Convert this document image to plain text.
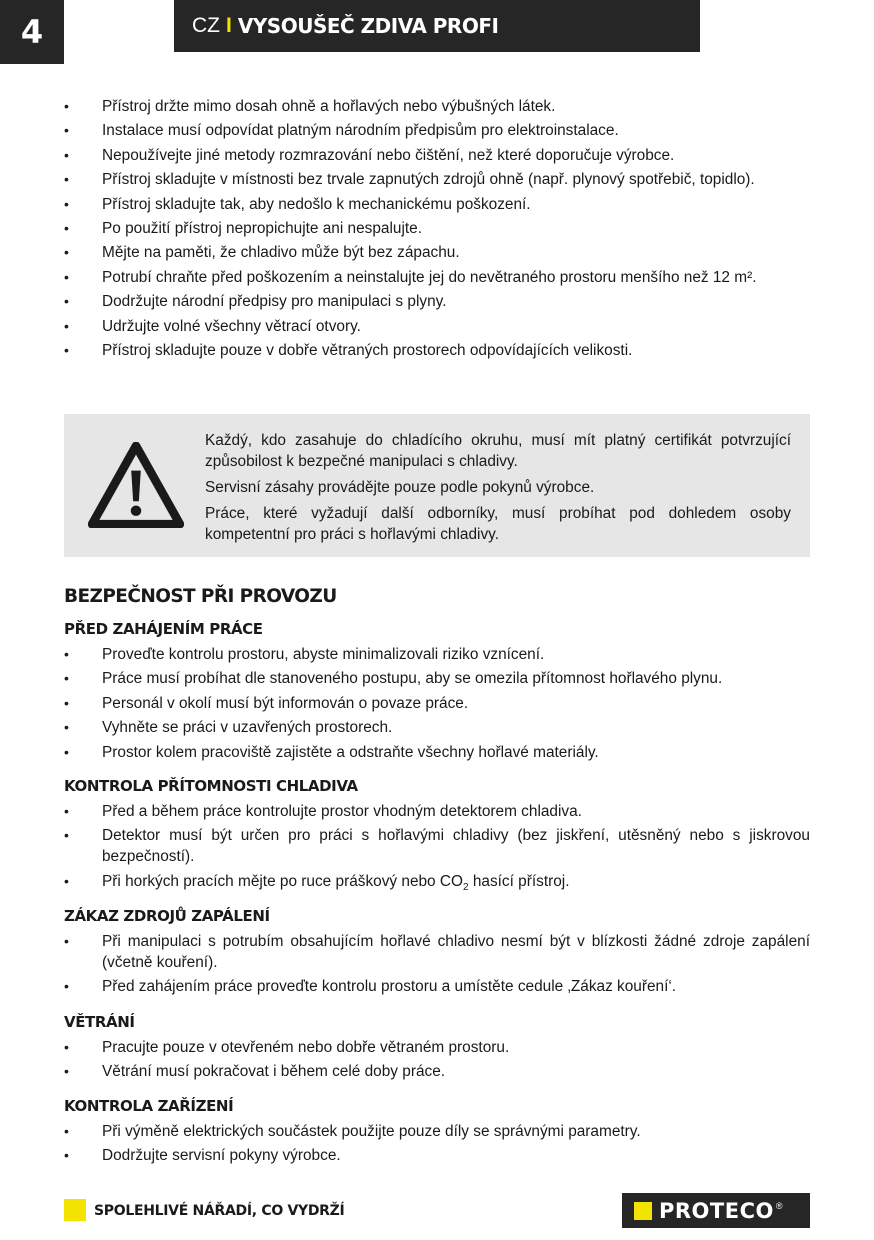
4	CZ I VYSOUŠEČ ZDIVA PROFI
• Přístroj držte mimo dosah ohně a hořlavých nebo výbušných látek.
• Instalace musí odpovídat platným národním předpisům pro elektroinstalace.
• Nepoužívejte jiné metody rozmrazování nebo čištění, než které doporučuje výrobce.
• Přístroj skladujte v místnosti bez trvale zapnutých zdrojů ohně (např. plynový spotřebič, topidlo).
• Přístroj skladujte tak, aby nedošlo k mechanickému poškození.
• Po použití přístroj nepropichujte ani nespalujte.
• Mějte na paměti, že chladivo může být bez zápachu.
• Potrubí chraňte před poškozením a neinstalujte jej do nevětraného prostoru menšího než 12 m².
• Dodržujte národní předpisy pro manipulaci s plyny.
• Udržujte volné všechny větrací otvory.
• Přístroj skladujte pouze v dobře větraných prostorech odpovídajících velikosti.

Každý, kdo zasahuje do chladícího okruhu, musí mít platný certifikát potvrzující způsobilost k bezpečné manipulaci s chladivy.

Servisní zásahy provádějte pouze podle pokynů výrobce.

Práce, které vyžadují další odborníky, musí probíhat pod dohledem osoby kompetentní pro práci s hořlavými chladivy.

BEZPEČNOST PŘI PROVOZU
PŘED ZAHÁJENÍM PRÁCE
• Proveďte kontrolu prostoru, abyste minimalizovali riziko vznícení.
• Práce musí probíhat dle stanoveného postupu, aby se omezila přítomnost hořlavého plynu.
• Personál v okolí musí být informován o povaze práce.
• Vyhněte se práci v uzavřených prostorech.
• Prostor kolem pracoviště zajistěte a odstraňte všechny hořlavé materiály.
KONTROLA PŘÍTOMNOSTI CHLADIVA
• Před a během práce kontrolujte prostor vhodným detektorem chladiva.
• Detektor musí být určen pro práci s hořlavými chladivy (bez jiskření, utěsněný nebo s jiskrovou bezpečností).
• Při horkých pracích mějte po ruce práškový nebo $CO_2$ hasící přístroj.
ZÁKAZ ZDROJŮ ZAPÁLENÍ
• Při manipulaci s potrubím obsahujícím hořlavé chladivo nesmí být v blízkosti žádné zdroje zapálení (včetně kouření).
• Před zahájením práce proveďte kontrolu prostoru a umístěte cedule ‚Zákaz kouření‘.
VĚTRÁNÍ
• Pracujte pouze v otevřeném nebo dobře větraném prostoru.
• Větrání musí pokračovat i během celé doby práce.
KONTROLA ZAŘÍZENÍ
• Při výměně elektrických součástek použijte pouze díly se správnými parametry.
• Dodržujte servisní pokyny výrobce.
SPOLEHLIVÉ NÁŘADÍ, CO VYDRŽÍ	PROTECO ®
